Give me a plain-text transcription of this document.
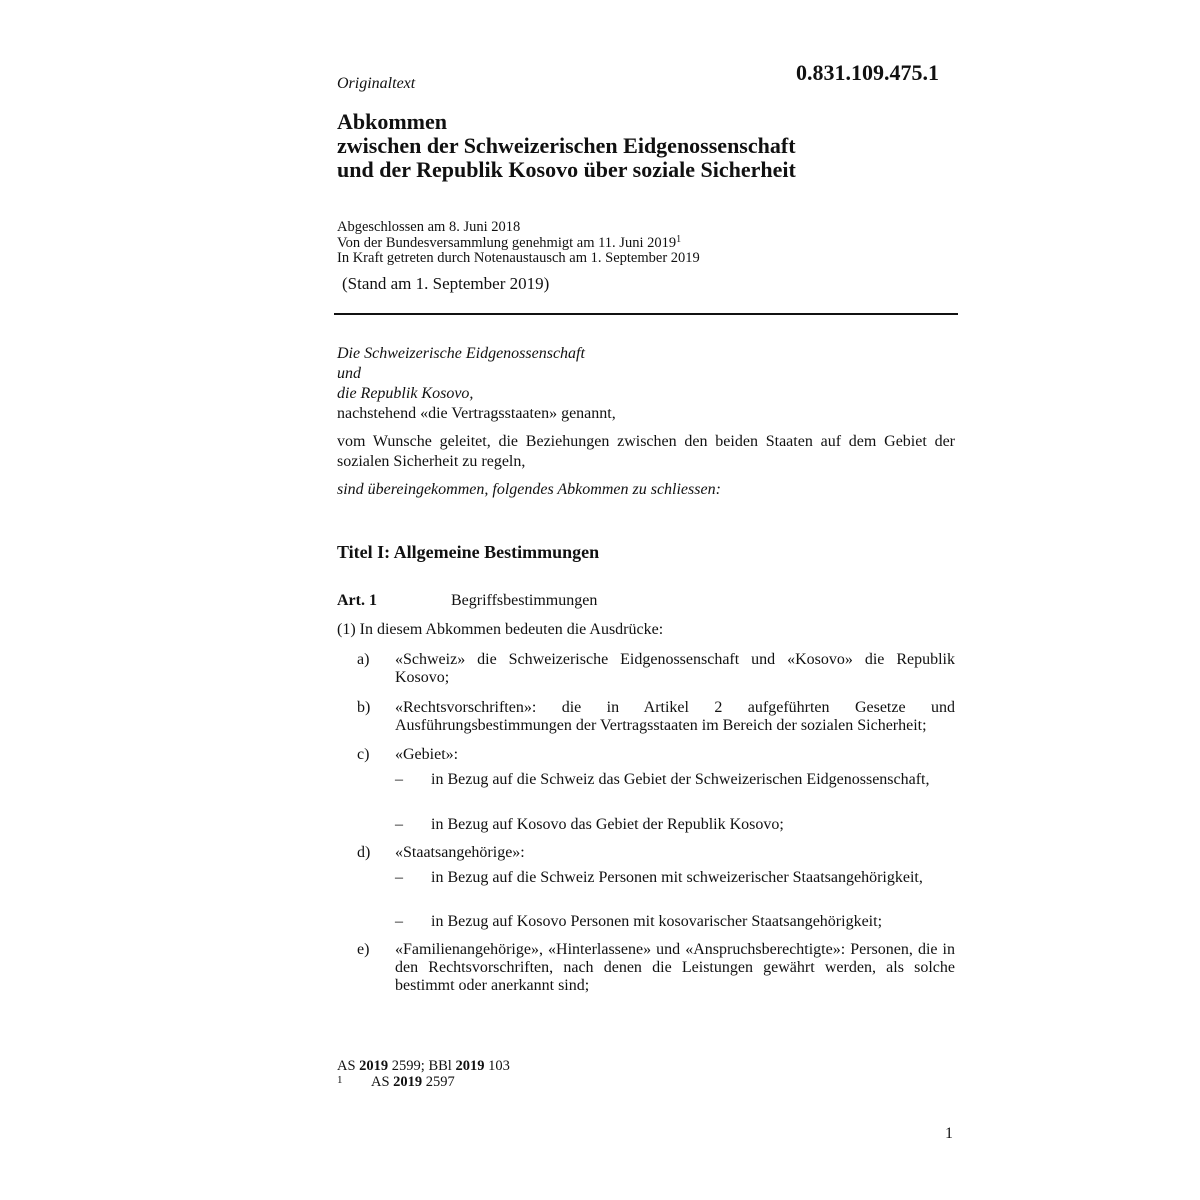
0.831.109.475.1
Originaltext
Abkommen
zwischen der Schweizerischen Eidgenossenschaft
und der Republik Kosovo über soziale Sicherheit
Abgeschlossen am 8. Juni 2018
Von der Bundesversammlung genehmigt am 11. Juni 2019$^1$
In Kraft getreten durch Notenaustausch am 1. September 2019
(Stand am 1. September 2019)
Die Schweizerische Eidgenossenschaft
und
die Republik Kosovo,
nachstehend «die Vertragsstaaten» genannt,
vom Wunsche geleitet, die Beziehungen zwischen den beiden Staaten auf dem Gebiet der sozialen Sicherheit zu regeln,
sind übereingekommen, folgendes Abkommen zu schliessen:
Titel I: Allgemeine Bestimmungen
Art. 1	Begriffsbestimmungen
(1) In diesem Abkommen bedeuten die Ausdrücke:
a) «Schweiz» die Schweizerische Eidgenossenschaft und «Kosovo» die Republik Kosovo;
b) «Rechtsvorschriften»: die in Artikel 2 aufgeführten Gesetze und Ausführungsbestimmungen der Vertragsstaaten im Bereich der sozialen Sicherheit;
c) «Gebiet»:
– in Bezug auf die Schweiz das Gebiet der Schweizerischen Eidgenossenschaft,
– in Bezug auf Kosovo das Gebiet der Republik Kosovo;
d) «Staatsangehörige»:
– in Bezug auf die Schweiz Personen mit schweizerischer Staatsangehörigkeit,
– in Bezug auf Kosovo Personen mit kosovarischer Staatsangehörigkeit;
e) «Familienangehörige», «Hinterlassene» und «Anspruchsberechtigte»: Personen, die in den Rechtsvorschriften, nach denen die Leistungen gewährt werden, als solche bestimmt oder anerkannt sind;
AS 2019 2599; BBl 2019 103
1 AS 2019 2597
1
